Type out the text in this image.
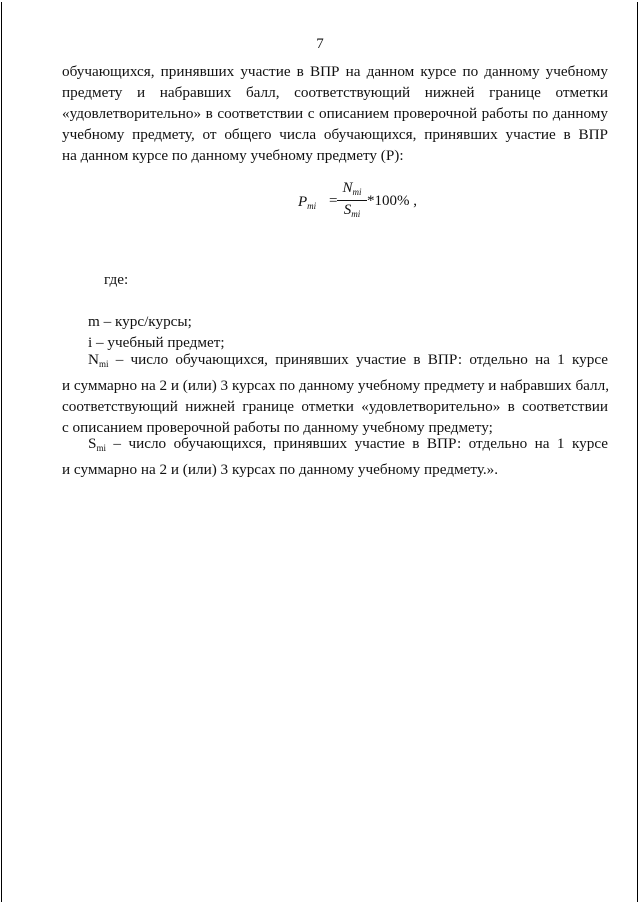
7
обучающихся, принявших участие в ВПР на данном курсе по данному учебному
предмету и набравших балл, соответствующий нижней границе отметки
«удовлетворительно» в соответствии с описанием проверочной работы по данному
учебному предмету, от общего числа обучающихся, принявших участие в ВПР
на данном курсе по данному учебному предмету (P):
$P_{mi}$ =
$N_{mi}$
$S_{mi}$
*100% ,
где:
m – курс/курсы;
i – учебный предмет;
$N_{mi}$ – число обучающихся, принявших участие в ВПР: отдельно на 1 курсе
и суммарно на 2 и (или) 3 курсах по данному учебному предмету и набравших балл,
соответствующий нижней границе отметки «удовлетворительно» в соответствии
с описанием проверочной работы по данному учебному предмету;
$S_{mi}$ – число обучающихся, принявших участие в ВПР: отдельно на 1 курсе
и суммарно на 2 и (или) 3 курсах по данному учебному предмету.».
